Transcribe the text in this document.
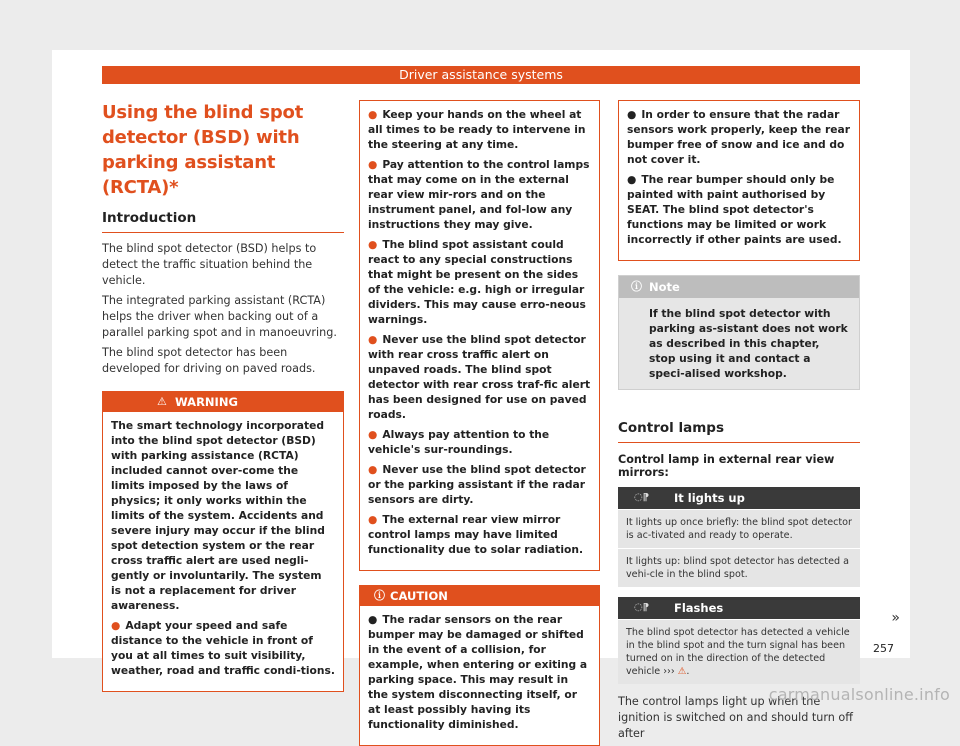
Driver assistance systems
Using the blind spot detector (BSD) with parking assistant (RCTA)*
Introduction

The blind spot detector (BSD) helps to detect the traffic situation behind the vehicle.

The integrated parking assistant (RCTA) helps the driver when backing out of a parallel parking spot and in manoeuvring.

The blind spot detector has been developed for driving on paved roads.

⚠ WARNING

The smart technology incorporated into the blind spot detector (BSD) with parking assistance (RCTA) included cannot over-come the limits imposed by the laws of physics; it only works within the limits of the system. Accidents and severe injury may occur if the blind spot detection system or the rear cross traffic alert are used negli-gently or involuntarily. The system is not a replacement for driver awareness.

● Adapt your speed and safe distance to the vehicle in front of you at all times to suit visibility, weather, road and traffic condi-tions.

● Keep your hands on the wheel at all times to be ready to intervene in the steering at any time.

● Pay attention to the control lamps that may come on in the external rear view mir-rors and on the instrument panel, and fol-low any instructions they may give.

● The blind spot assistant could react to any special constructions that might be present on the sides of the vehicle: e.g. high or irregular dividers. This may cause erro-neous warnings.

● Never use the blind spot detector with rear cross traffic alert on unpaved roads. The blind spot detector with rear cross traf-fic alert has been designed for use on paved roads.

● Always pay attention to the vehicle's sur-roundings.

● Never use the blind spot detector or the parking assistant if the radar sensors are dirty.

● The external rear view mirror control lamps may have limited functionality due to solar radiation.

ⓘ CAUTION

● The radar sensors on the rear bumper may be damaged or shifted in the event of a collision, for example, when entering or exiting a parking space. This may result in the system disconnecting itself, or at least possibly having its functionality diminished.

● In order to ensure that the radar sensors work properly, keep the rear bumper free of snow and ice and do not cover it.

● The rear bumper should only be painted with paint authorised by SEAT. The blind spot detector's functions may be limited or work incorrectly if other paints are used.

ⓘ Note
If the blind spot detector with parking as-sistant does not work as described in this chapter, stop using it and contact a speci-alised workshop.
Control lamps

Control lamp in external rear view mirrors:

◌⁋ It lights up
It lights up once briefly: the blind spot detector is ac-tivated and ready to operate.
It lights up: blind spot detector has detected a vehi-cle in the blind spot.
◌⁋ Flashes
The blind spot detector has detected a vehicle in the blind spot and the turn signal has been turned on in the direction of the detected vehicle ››› ⚠.

The control lamps light up when the ignition is switched on and should turn off after

»
257
carmanualsonline.info
